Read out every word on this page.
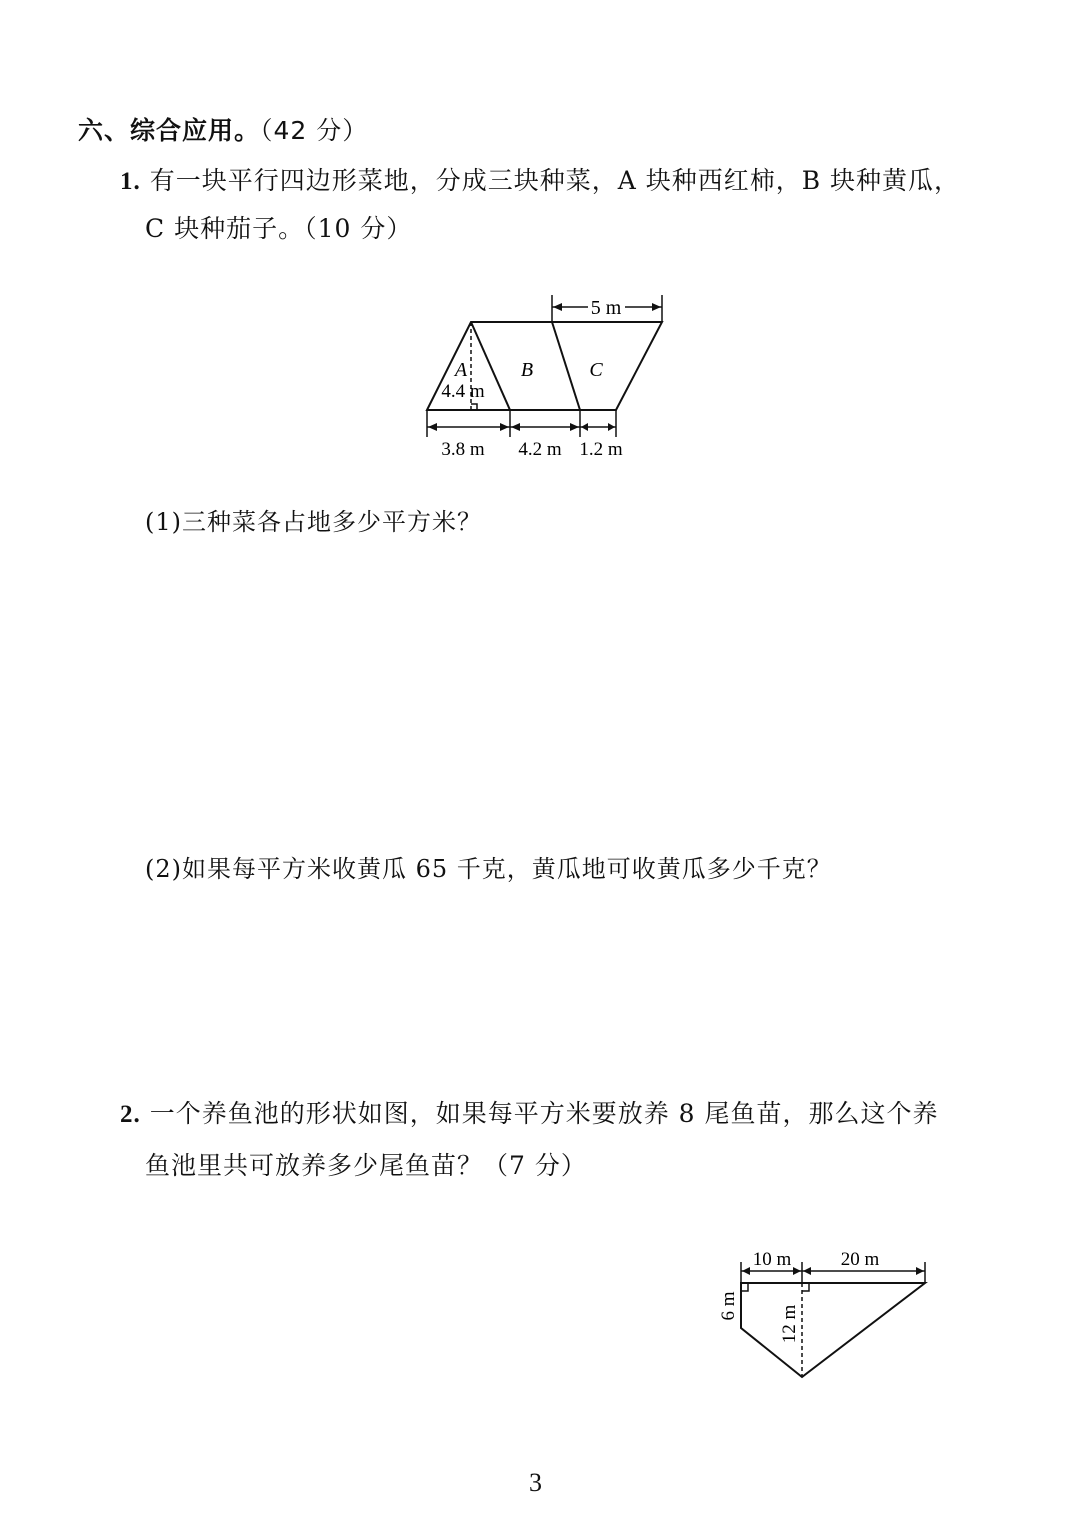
六、综合应用。（42 分）
1. 有一块平行四边形菜地，分成三块种菜，A 块种西红柿，B 块种黄瓜，
C 块种茄子。（10 分）
5 m
A	B	C
4.4 m
3.8 m 4.2 m 1.2 m
(1)三种菜各占地多少平方米？
(2)如果每平方米收黄瓜 65 千克，黄瓜地可收黄瓜多少千克？
2. 一个养鱼池的形状如图，如果每平方米要放养 8 尾鱼苗，那么这个养
鱼池里共可放养多少尾鱼苗？（7 分）
10 m	20 m
6 m 12 m
3
